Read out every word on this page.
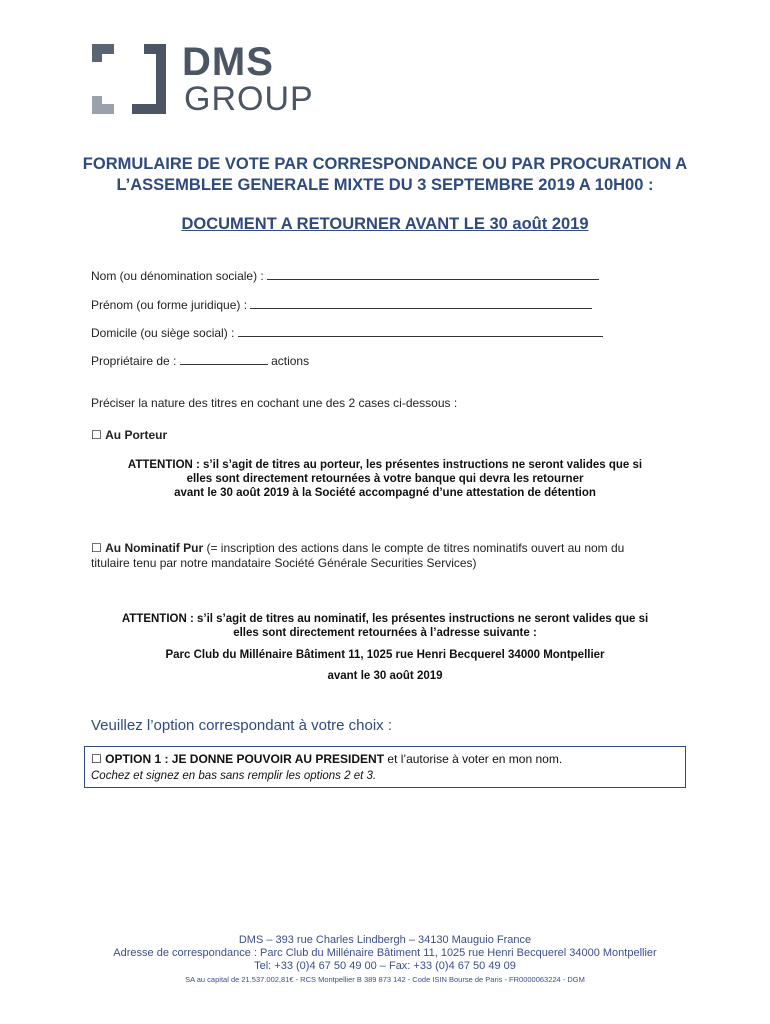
DMS
GROUP
FORMULAIRE DE VOTE PAR CORRESPONDANCE OU PAR PROCURATION A
L’ASSEMBLEE GENERALE MIXTE DU 3 SEPTEMBRE 2019 A 10H00 :
DOCUMENT A RETOURNER AVANT LE 30 août 2019
Nom (ou dénomination sociale) :
Prénom (ou forme juridique) :
Domicile (ou siège social) :
Propriétaire de :	actions
Préciser la nature des titres en cochant une des 2 cases ci-dessous :
☐ Au Porteur
ATTENTION : s’il s’agit de titres au porteur, les présentes instructions ne seront valides que si
elles sont directement retournées à votre banque qui devra les retourner
avant le 30 août 2019 à la Société accompagné d’une attestation de détention
☐ Au Nominatif Pur (= inscription des actions dans le compte de titres nominatifs ouvert au nom du
titulaire tenu par notre mandataire Société Générale Securities Services)
ATTENTION : s’il s’agit de titres au nominatif, les présentes instructions ne seront valides que si
elles sont directement retournées à l’adresse suivante :
Parc Club du Millénaire Bâtiment 11, 1025 rue Henri Becquerel 34000 Montpellier
avant le 30 août 2019
Veuillez l’option correspondant à votre choix :
☐ OPTION 1 : JE DONNE POUVOIR AU PRESIDENT et l’autorise à voter en mon nom.
Cochez et signez en bas sans remplir les options 2 et 3.
DMS – 393 rue Charles Lindbergh – 34130 Mauguio France
Adresse de correspondance : Parc Club du Millénaire Bâtiment 11, 1025 rue Henri Becquerel 34000 Montpellier
Tel: +33 (0)4 67 50 49 00 – Fax: +33 (0)4 67 50 49 09
SA au capital de 21.537.002,81€ - RCS Montpellier B 389 873 142 - Code ISIN Bourse de Paris - FR0000063224 - DGM
